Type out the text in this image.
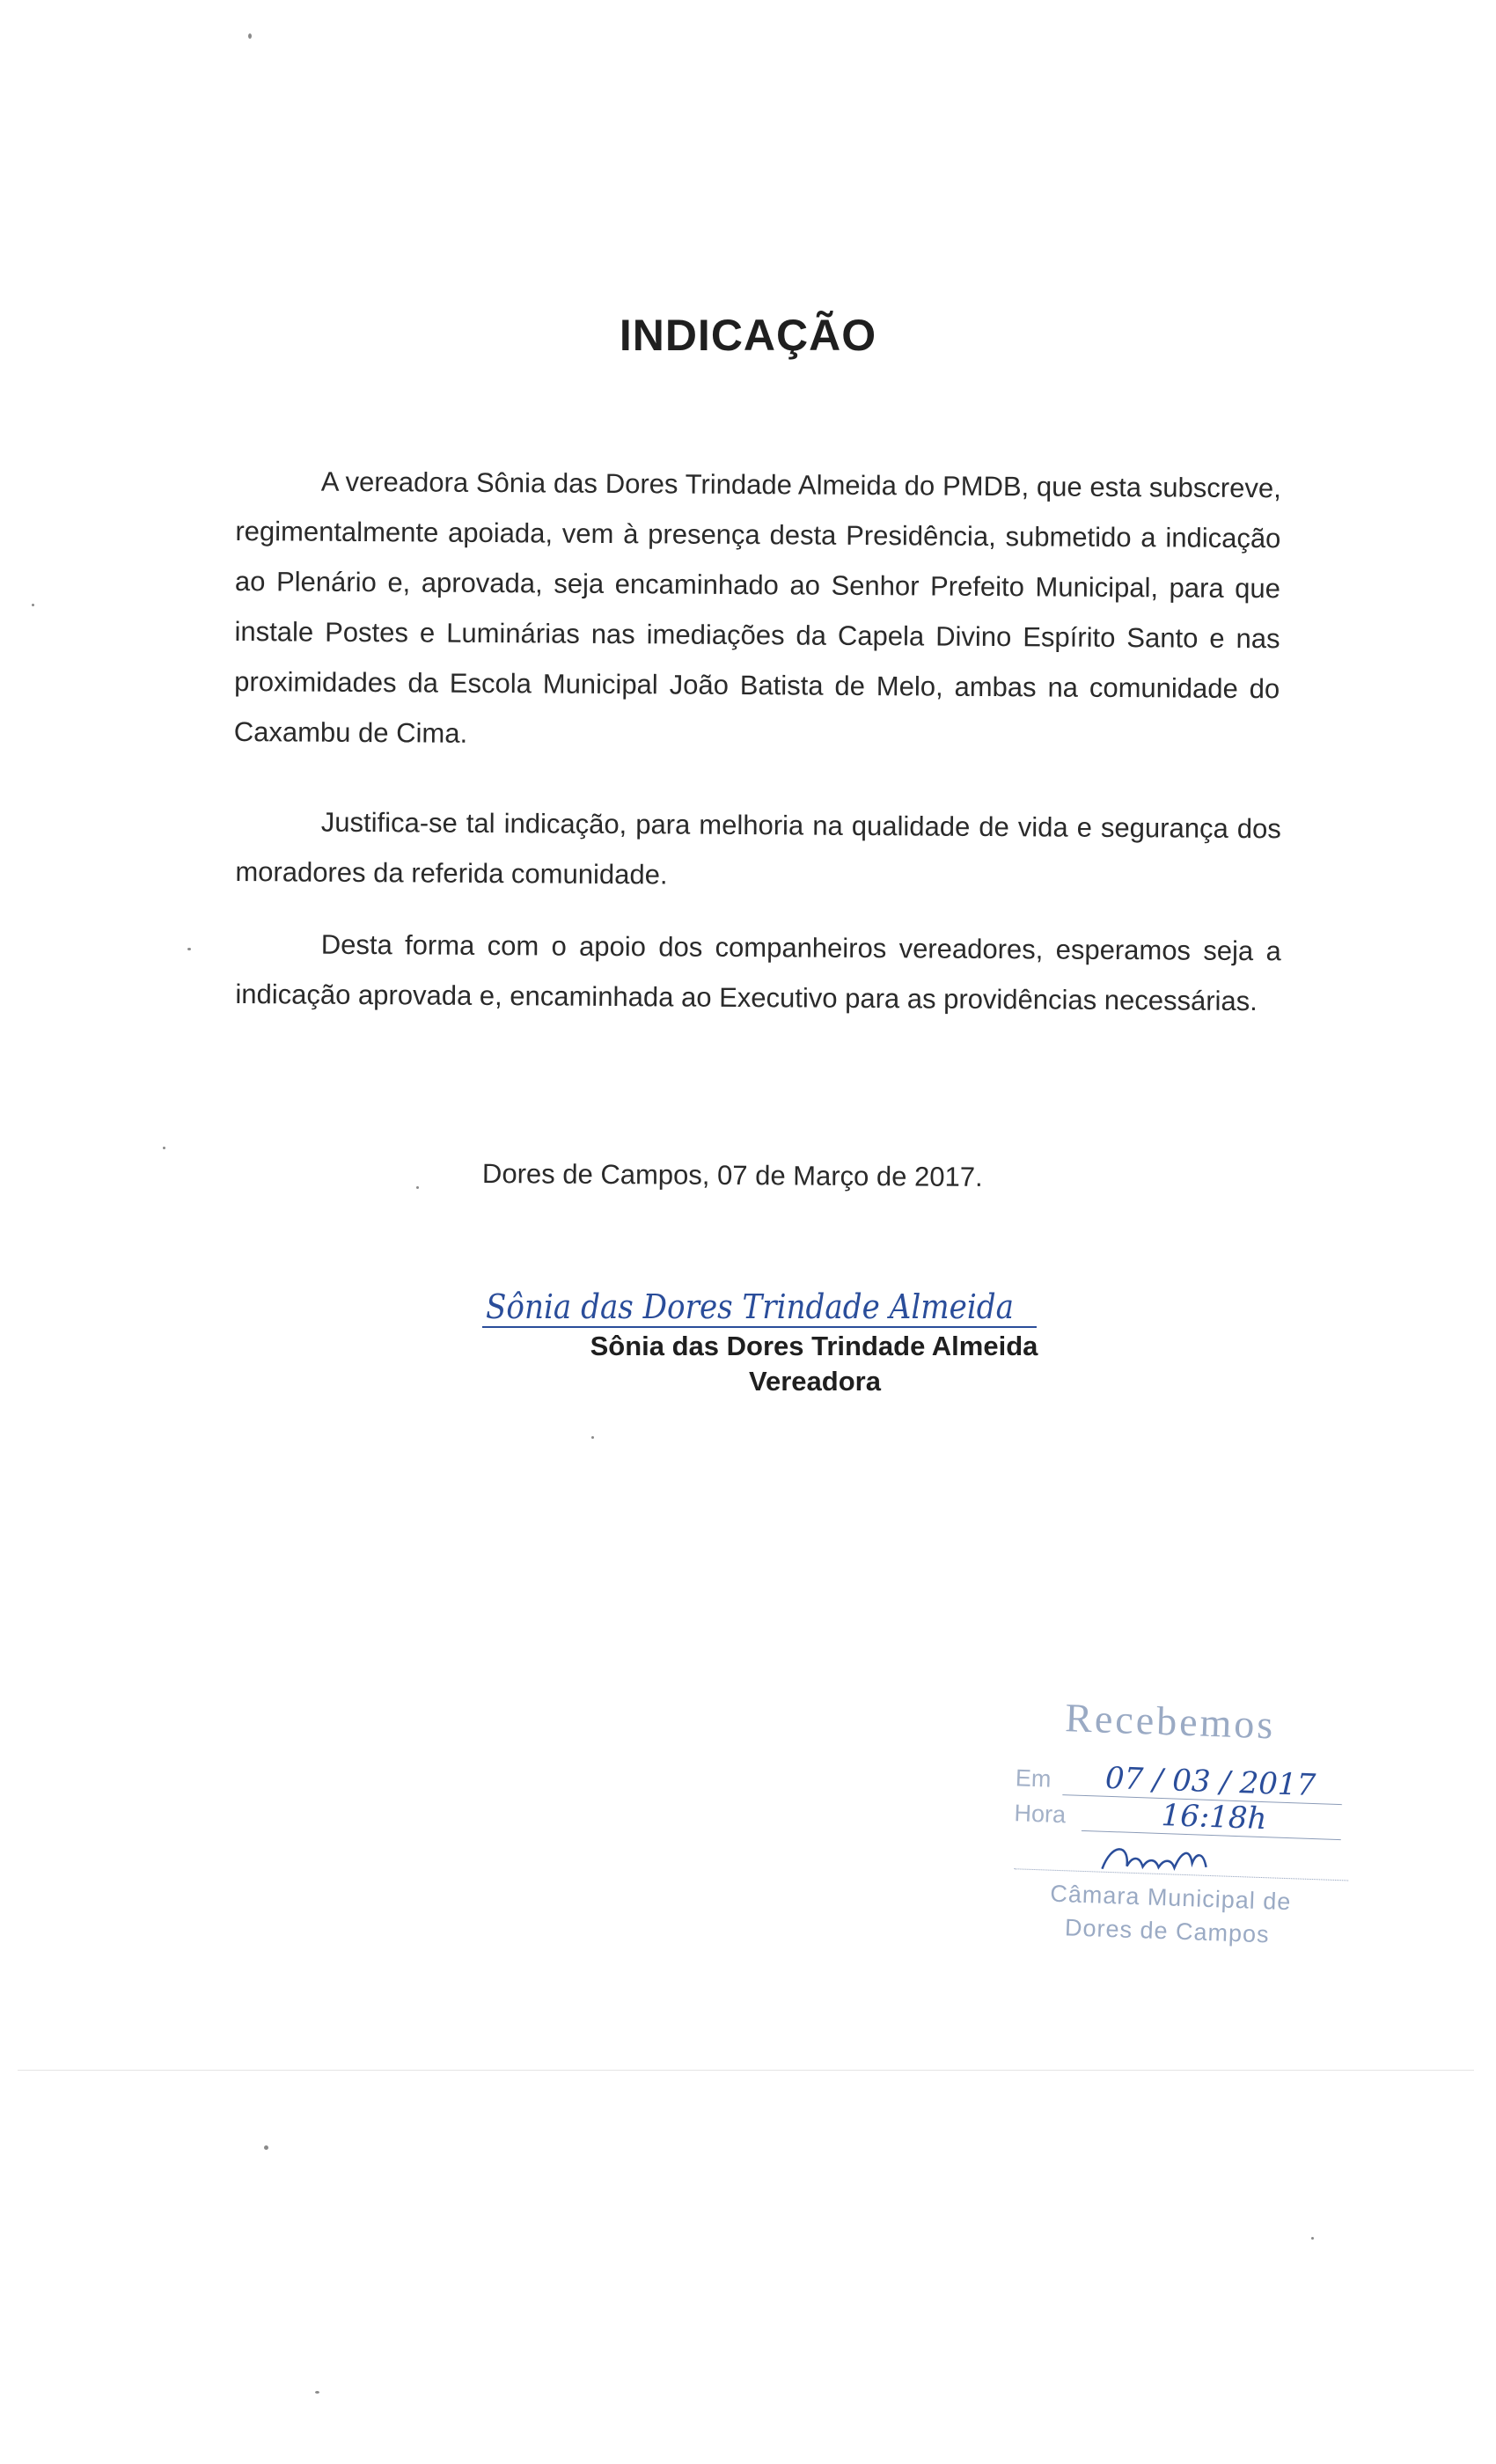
INDICAÇÃO
A vereadora Sônia das Dores Trindade Almeida do PMDB, que esta subscreve, regimentalmente apoiada, vem à presença desta Presidência, submetido a indicação ao Plenário e, aprovada, seja encaminhado ao Senhor Prefeito Municipal, para que instale Postes e Luminárias nas imediações da Capela Divino Espírito Santo e nas proximidades da Escola Municipal João Batista de Melo, ambas na comunidade do Caxambu de Cima.
Justifica-se tal indicação, para melhoria na qualidade de vida e segurança dos moradores da referida comunidade.
Desta forma com o apoio dos companheiros vereadores, esperamos seja a indicação aprovada e, encaminhada ao Executivo para as providências necessárias.
Dores de Campos, 07 de Março de 2017.
Sônia das Dores Trindade Almeida
Sônia das Dores Trindade Almeida
Vereadora
Recebemos
Em 07 / 03 / 2017
Hora	16:18h
Câmara Municipal de
Dores de Campos
